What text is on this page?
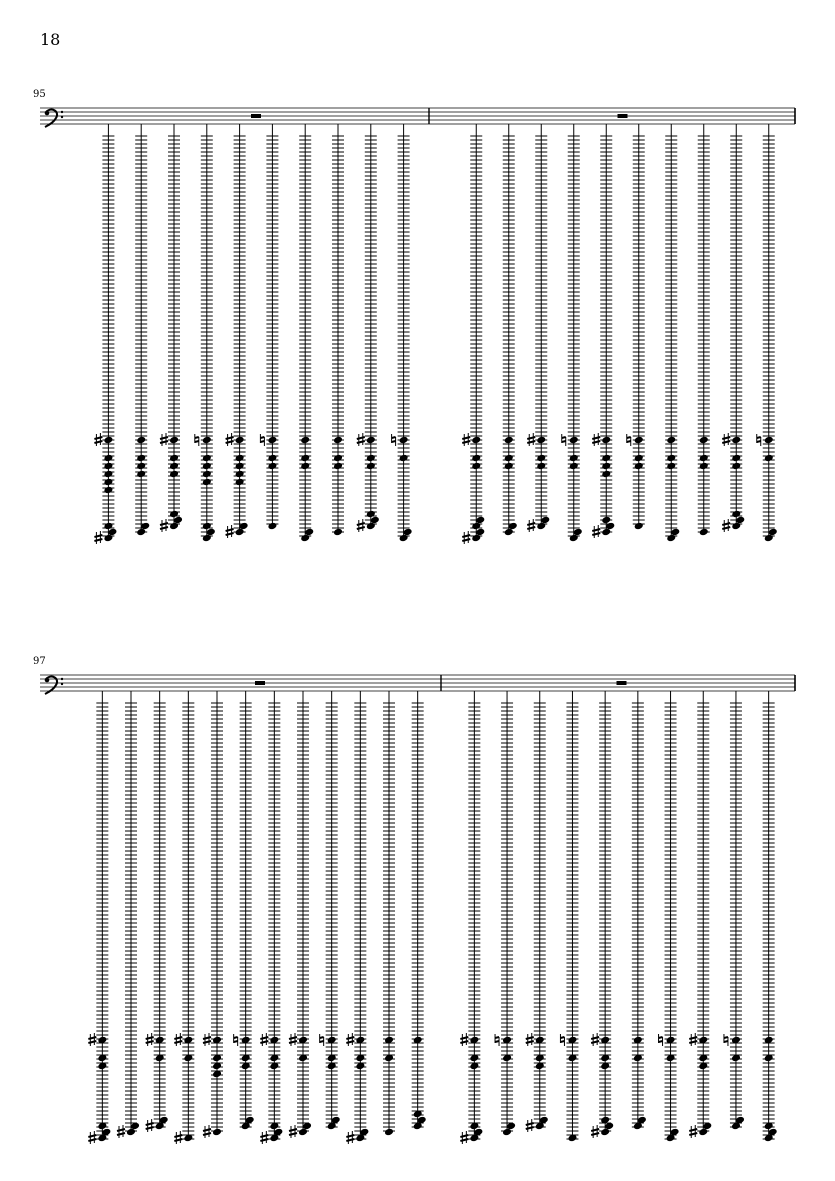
18
95
97
